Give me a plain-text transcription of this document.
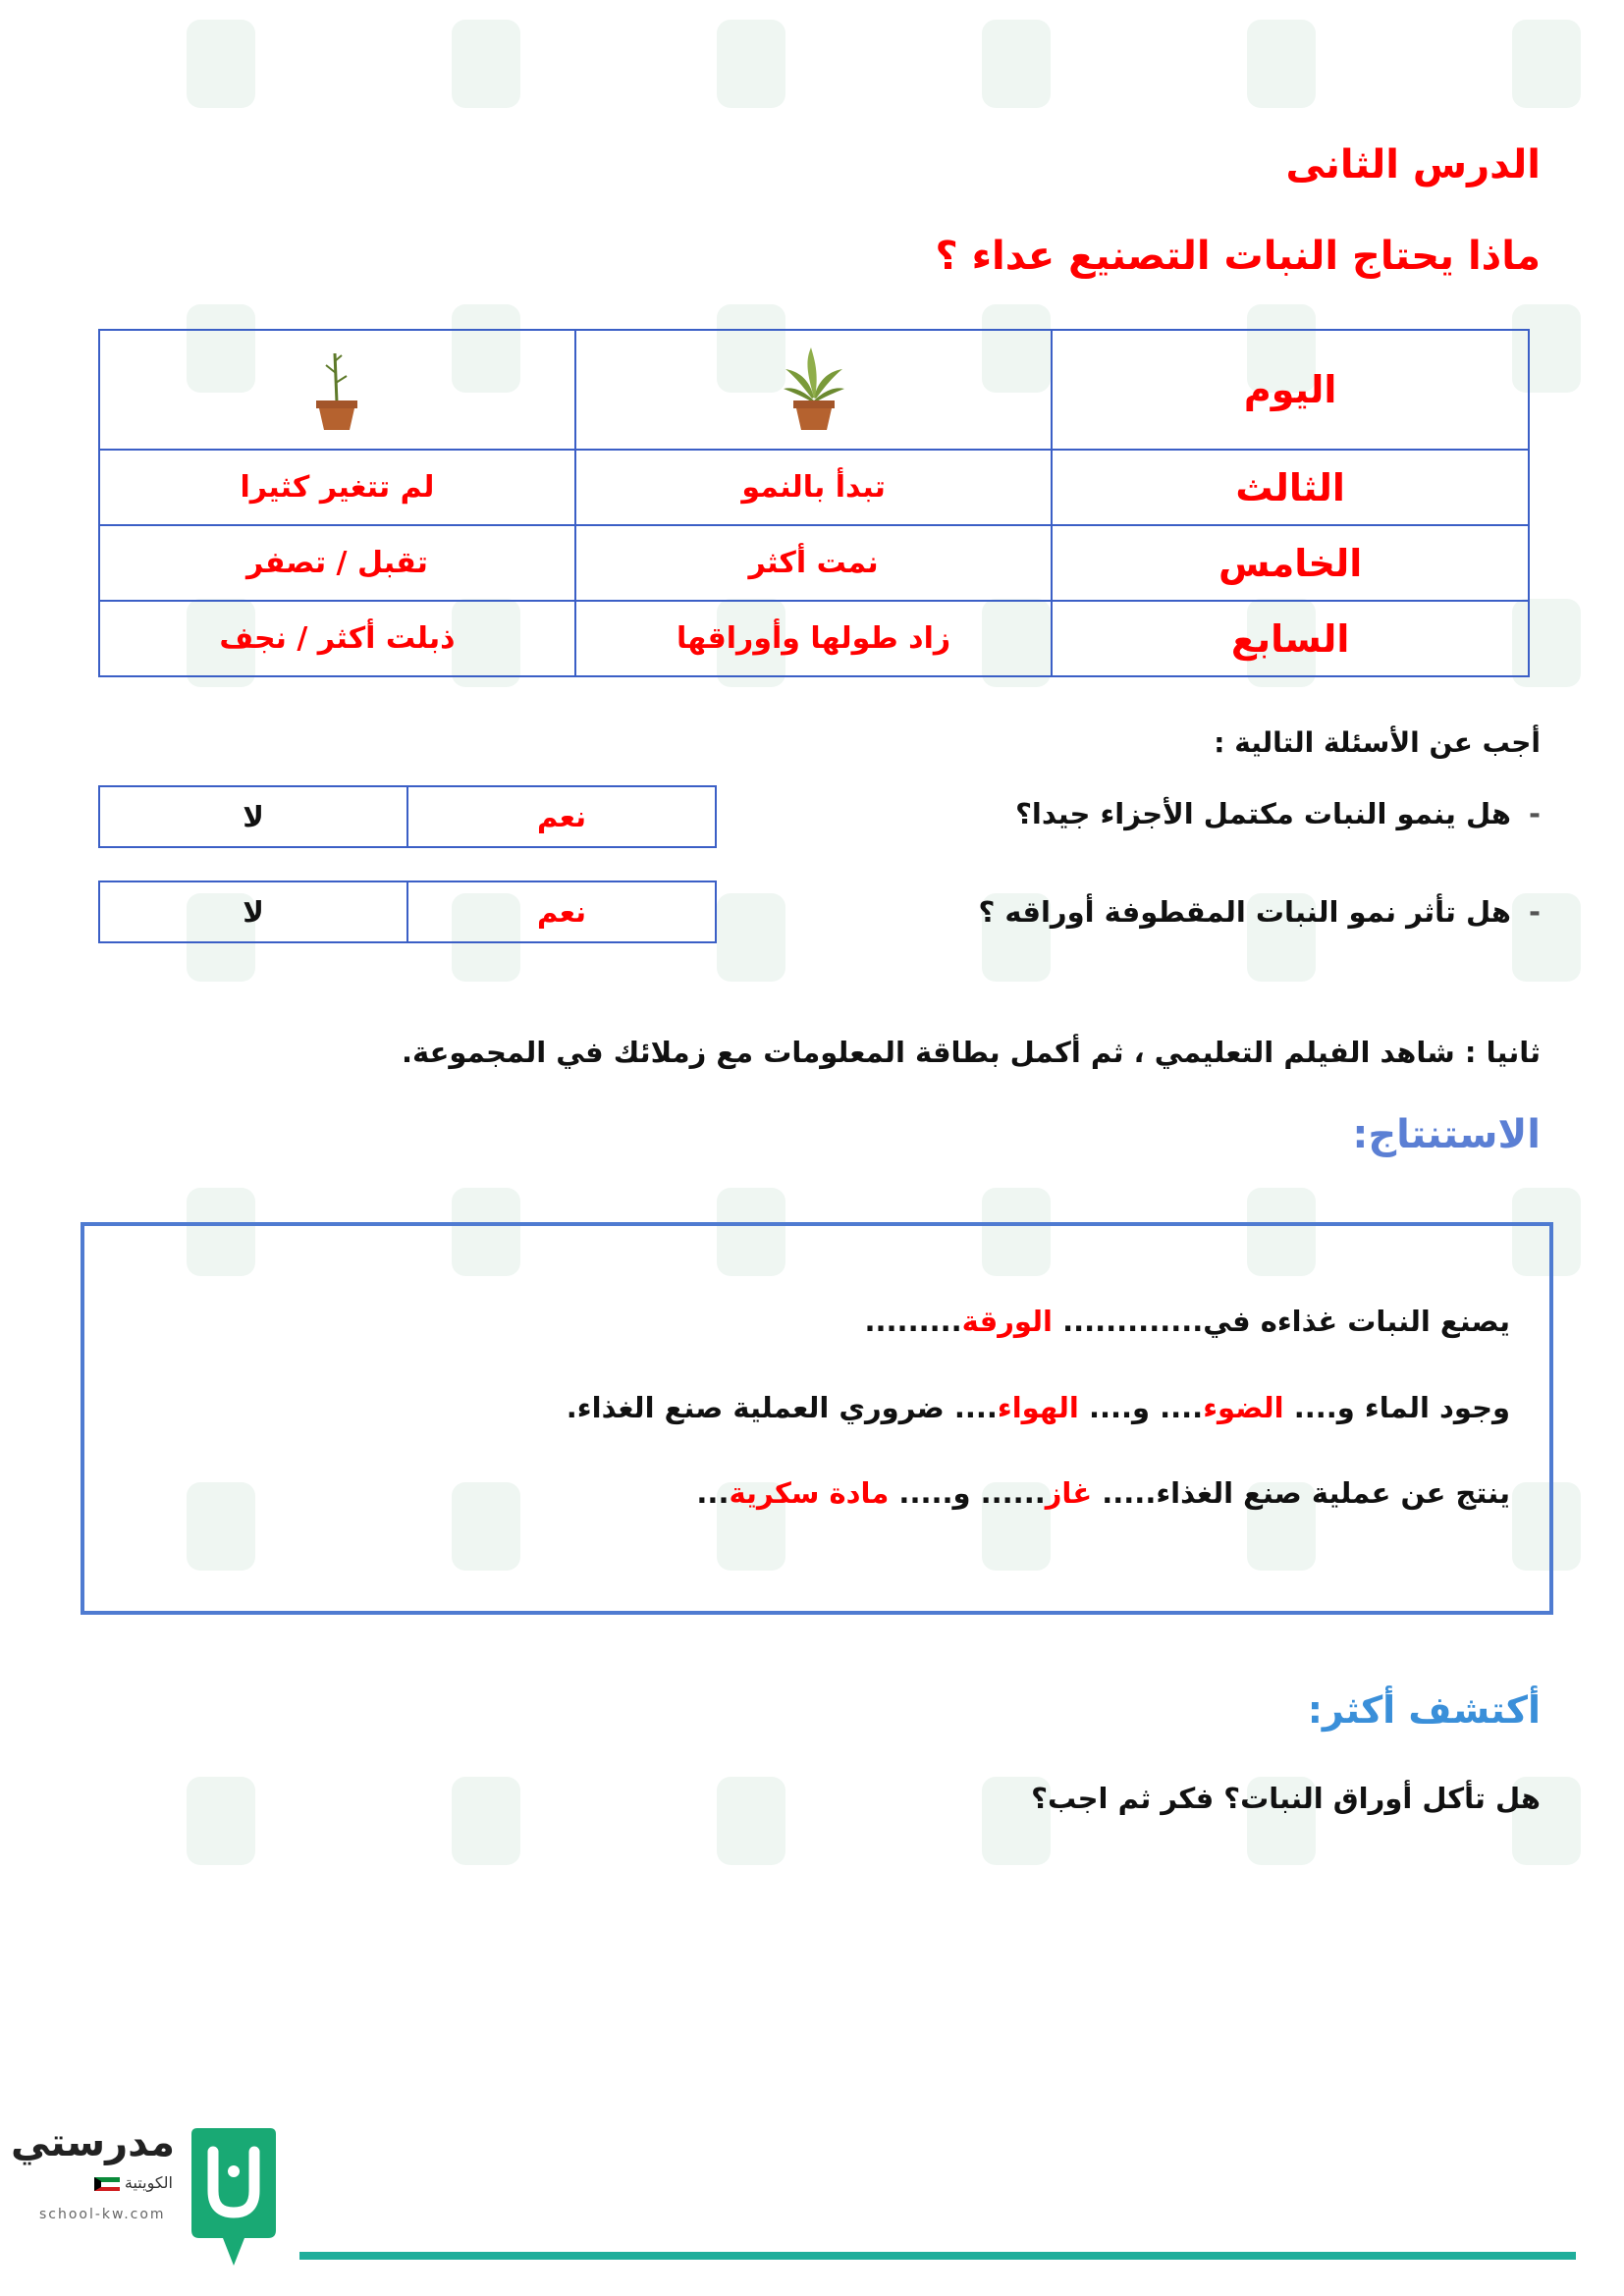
الدرس الثانى
ماذا يحتاج النبات التصنيع عداء ؟
اليوم		
الثالث	تبدأ بالنمو	لم تتغير كثيرا
الخامس	نمت أكثر	تقبل / تصفر
السابع	زاد طولها وأوراقها	ذبلت أكثر / نجف
أجب عن الأسئلة التالية :
-هل ينمو النبات مكتمل الأجزاء جيدا؟
نعم	لا
-هل تأثر نمو النبات المقطوفة أوراقه ؟
نعم	لا
ثانيا : شاهد الفيلم التعليمي ، ثم أكمل بطاقة المعلومات مع زملائك في المجموعة.
الاستنتاج:
يصنع النبات غذاءه في............. الورقة.........
وجود الماء و.... الضوء.... و.... الهواء.... ضروري العملية صنع الغذاء.
ينتج عن عملية صنع الغذاء..... غاز...... و..... مادة سكرية...
أكتشف أكثر:
هل تأكل أوراق النبات؟ فكر ثم اجب؟
مدرستي
الكويتية
school-kw.com
